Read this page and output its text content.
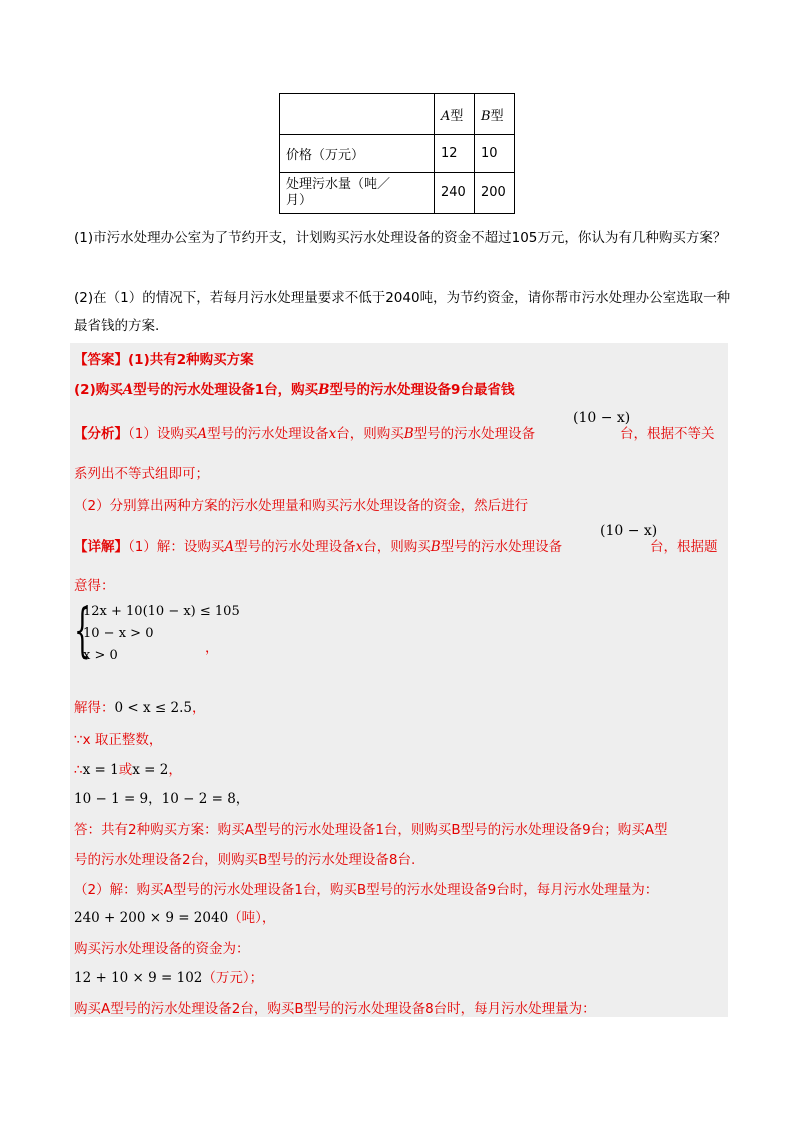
	A型	B型
价格（万元）	12	10

处理污水量（吨／
月）	240	200
(1)市污水处理办公室为了节约开支，计划购买污水处理设备的资金不超过105万元，你认为有几种购买方案？
(2)在（1）的情况下，若每月污水处理量要求不低于2040吨，为节约资金，请你帮市污水处理办公室选取一种最省钱的方案.
【答案】(1)共有2种购买方案
(2)购买A型号的污水处理设备1台，购买B型号的污水处理设备9台最省钱
【分析】（1）设购买A型号的污水处理设备x台，则购买B型号的污水处理设备
(10 − x)
台，根据不等关
系列出不等式组即可；
（2）分别算出两种方案的污水处理量和购买污水处理设备的资金，然后进行
【详解】（1）解：设购买A型号的污水处理设备x台，则购买B型号的污水处理设备
(10 − x)
台，根据题
意得：
{
12x + 10(10 − x) ≤ 105
10 − x > 0
x > 0	，
解得：0 < x ≤ 2.5，
∵x 取正整数，
∴x = 1或x = 2，
10 − 1 = 9，10 − 2 = 8，
答：共有2种购买方案：购买A型号的污水处理设备1台，则购买B型号的污水处理设备9台；购买A型
号的污水处理设备2台，则购买B型号的污水处理设备8台.
（2）解：购买A型号的污水处理设备1台，购买B型号的污水处理设备9台时，每月污水处理量为：
240 + 200 × 9 = 2040（吨），
购买污水处理设备的资金为：
12 + 10 × 9 = 102（万元）；
购买A型号的污水处理设备2台，购买B型号的污水处理设备8台时，每月污水处理量为：
